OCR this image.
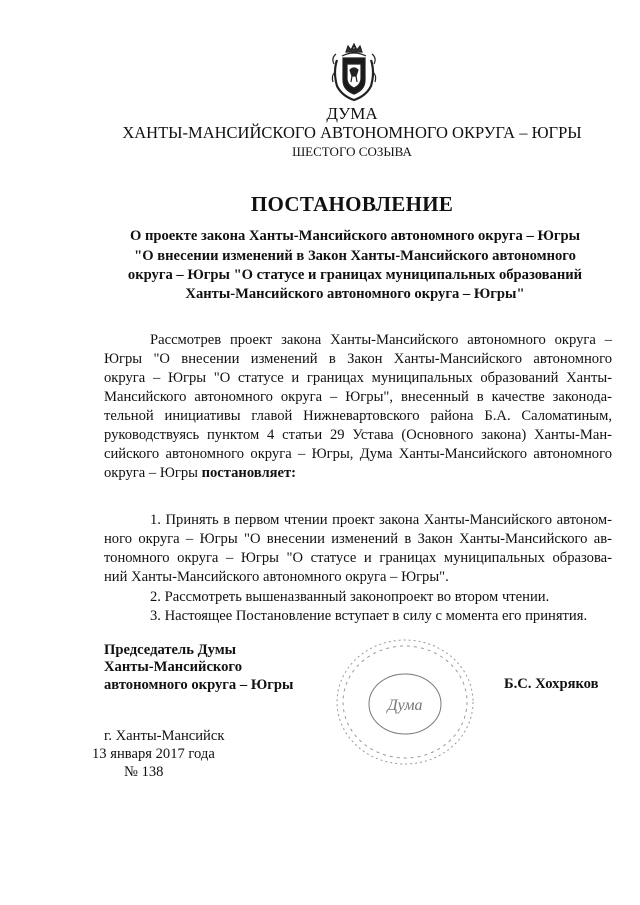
ДУМА
ХАНТЫ-МАНСИЙСКОГО АВТОНОМНОГО ОКРУГА – ЮГРЫ
ШЕСТОГО СОЗЫВА
ПОСТАНОВЛЕНИЕ
О проекте закона Ханты-Мансийского автономного округа – Югры
"О внесении изменений в Закон Ханты-Мансийского автономного
округа – Югры "О статусе и границах муниципальных образований
Ханты-Мансийского автономного округа – Югры"
Рассмотрев проект закона Ханты-Мансийского автономного округа –
Югры "О внесении изменений в Закон Ханты-Мансийского автономного
округа – Югры "О статусе и границах муниципальных образований Ханты-
Мансийского автономного округа – Югры", внесенный в качестве законода-
тельной инициативы главой Нижневартовского района Б.А. Саломатиным,
руководствуясь пунктом 4 статьи 29 Устава (Основного закона) Ханты-Ман-
сийского автономного округа – Югры, Дума Ханты-Мансийского автономного
округа – Югры постановляет:
1. Принять в первом чтении проект закона Ханты-Мансийского автоном-
ного округа – Югры "О внесении изменений в Закон Ханты-Мансийского ав-
тономного округа – Югры "О статусе и границах муниципальных образова-
ний Ханты-Мансийского автономного округа – Югры".
2. Рассмотреть вышеназванный законопроект во втором чтении.
3. Настоящее Постановление вступает в силу с момента его принятия.
Председатель Думы
Ханты-Мансийского
автономного округа – Югры	Б.С. Хохряков
Дума
г. Ханты-Мансийск
13 января 2017 года
№ 138
